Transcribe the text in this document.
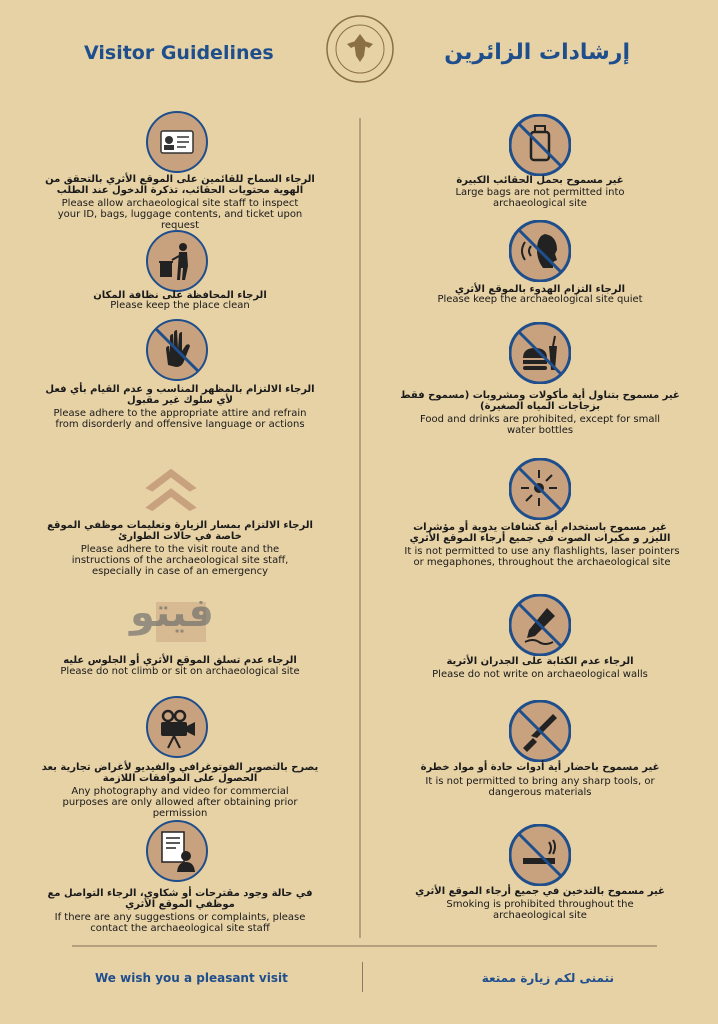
Visitor Guidelines	إرشادات الزائرين
الرجاء السماح للقائمين على الموقع الأثري بالتحقق من الهوية محتويات الحقائب، تذكرة الدخول عند الطلب
Please allow archaeological site staff to inspect your ID, bags, luggage contents, and ticket upon request
الرجاء المحافظة على نظافة المكان
Please keep the place clean
الرجاء الالتزام بالمظهر المناسب و عدم القيام بأي فعل لأي سلوك غير مقبول
Please adhere to the appropriate attire and refrain from disorderly and offensive language or actions
الرجاء الالتزام بمسار الزيارة وتعليمات موظفي الموقع خاصة في حالات الطوارئ
Please adhere to the visit route and the instructions of the archaeological site staff, especially in case of an emergency
فيتو
الرجاء عدم تسلق الموقع الأثري أو الجلوس عليه
Please do not climb or sit on archaeological site
يصرح بالتصوير الفوتوغرافي والفيديو لأغراض تجارية بعد الحصول على الموافقات اللازمة
Any photography and video for commercial purposes are only allowed after obtaining prior permission
في حالة وجود مقترحات أو شكاوي، الرجاء التواصل مع موظفي الموقع الأثري
If there are any suggestions or complaints, please contact the archaeological site staff
غير مسموح بحمل الحقائب الكبيرة
Large bags are not permitted into archaeological site
الرجاء التزام الهدوء بالموقع الأثري
Please keep the archaeological site quiet
غير مسموح بتناول أية مأكولات ومشروبات (مسموح فقط بزجاجات المياه الصغيرة)
Food and drinks are prohibited, except for small water bottles
غير مسموح باستخدام أية كشافات يدوية أو مؤشرات الليزر و مكبرات الصوت في جميع أرجاء الموقع الأثري
It is not permitted to use any flashlights, laser pointers or megaphones, throughout the archaeological site
الرجاء عدم الكتابة على الجدران الأثرية
Please do not write on archaeological walls
غير مسموح باحضار أية أدوات حادة أو مواد خطرة
It is not permitted to bring any sharp tools, or dangerous materials
غير مسموح بالتدخين في جميع أرجاء الموقع الأثري
Smoking is prohibited throughout the archaeological site
We wish you a pleasant visit	نتمنى لكم زيارة ممتعة
